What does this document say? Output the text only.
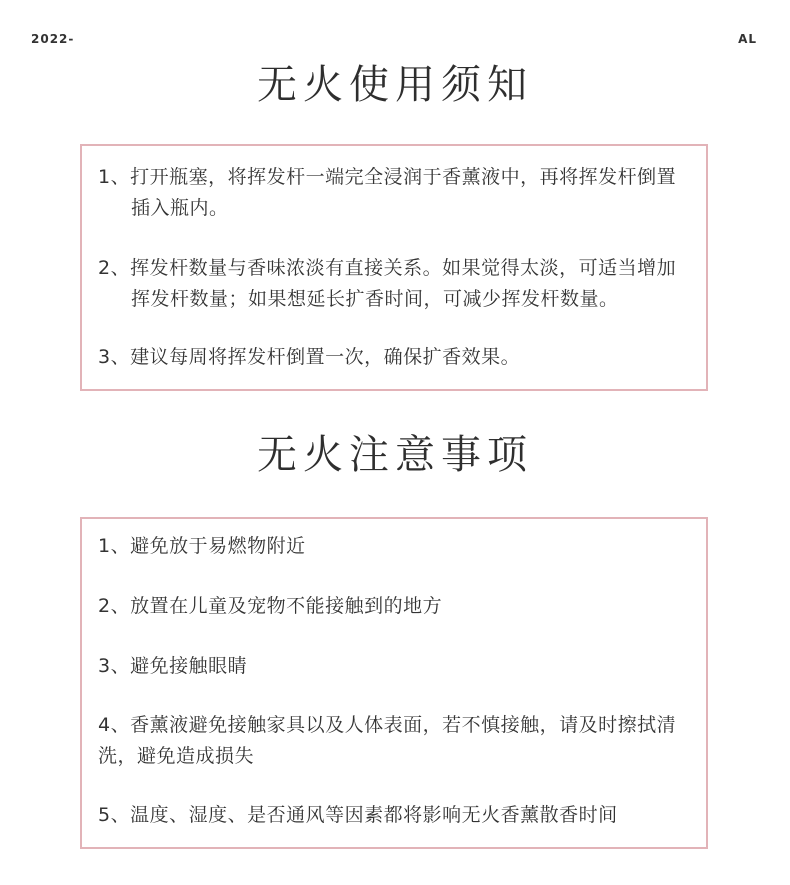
2022-	AL
无火使用须知
1、打开瓶塞，将挥发杆一端完全浸润于香薰液中，再将挥发杆倒置插入瓶内。
2、挥发杆数量与香味浓淡有直接关系。如果觉得太淡，可适当增加挥发杆数量；如果想延长扩香时间，可减少挥发杆数量。
3、建议每周将挥发杆倒置一次，确保扩香效果。
无火注意事项
1、避免放于易燃物附近
2、放置在儿童及宠物不能接触到的地方
3、避免接触眼睛
4、香薰液避免接触家具以及人体表面，若不慎接触，请及时擦拭清洗，避免造成损失
5、温度、湿度、是否通风等因素都将影响无火香薰散香时间
